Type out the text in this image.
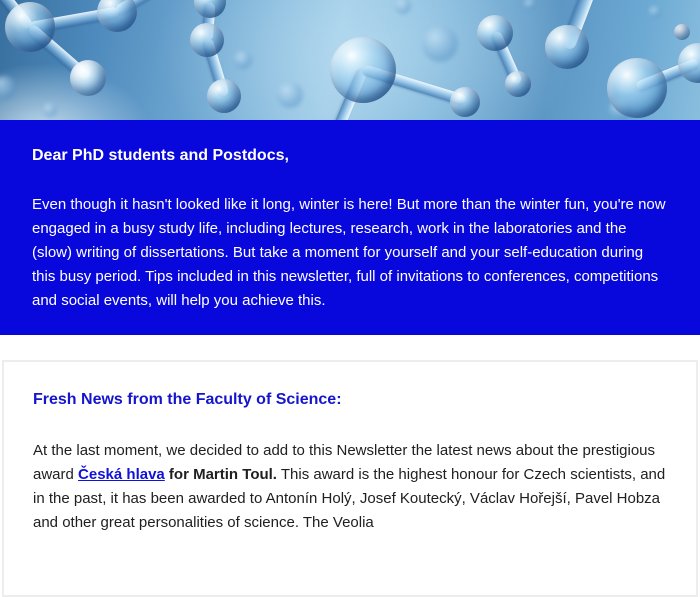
Dear PhD students and Postdocs,

Even though it hasn't looked like it long, winter is here! But more than the winter fun, you're now engaged in a busy study life, including lectures, research, work in the laboratories and the (slow) writing of dissertations. But take a moment for yourself and your self-education during this busy period. Tips included in this newsletter, full of invitations to conferences, competitions and social events, will help you achieve this.

Fresh News from the Faculty of Science:

At the last moment, we decided to add to this Newsletter the latest news about the prestigious award Česká hlava for Martin Toul. This award is the highest honour for Czech scientists, and in the past, it has been awarded to Antonín Holý, Josef Koutecký, Václav Hořejší, Pavel Hobza and other great personalities of science. The Veolia
